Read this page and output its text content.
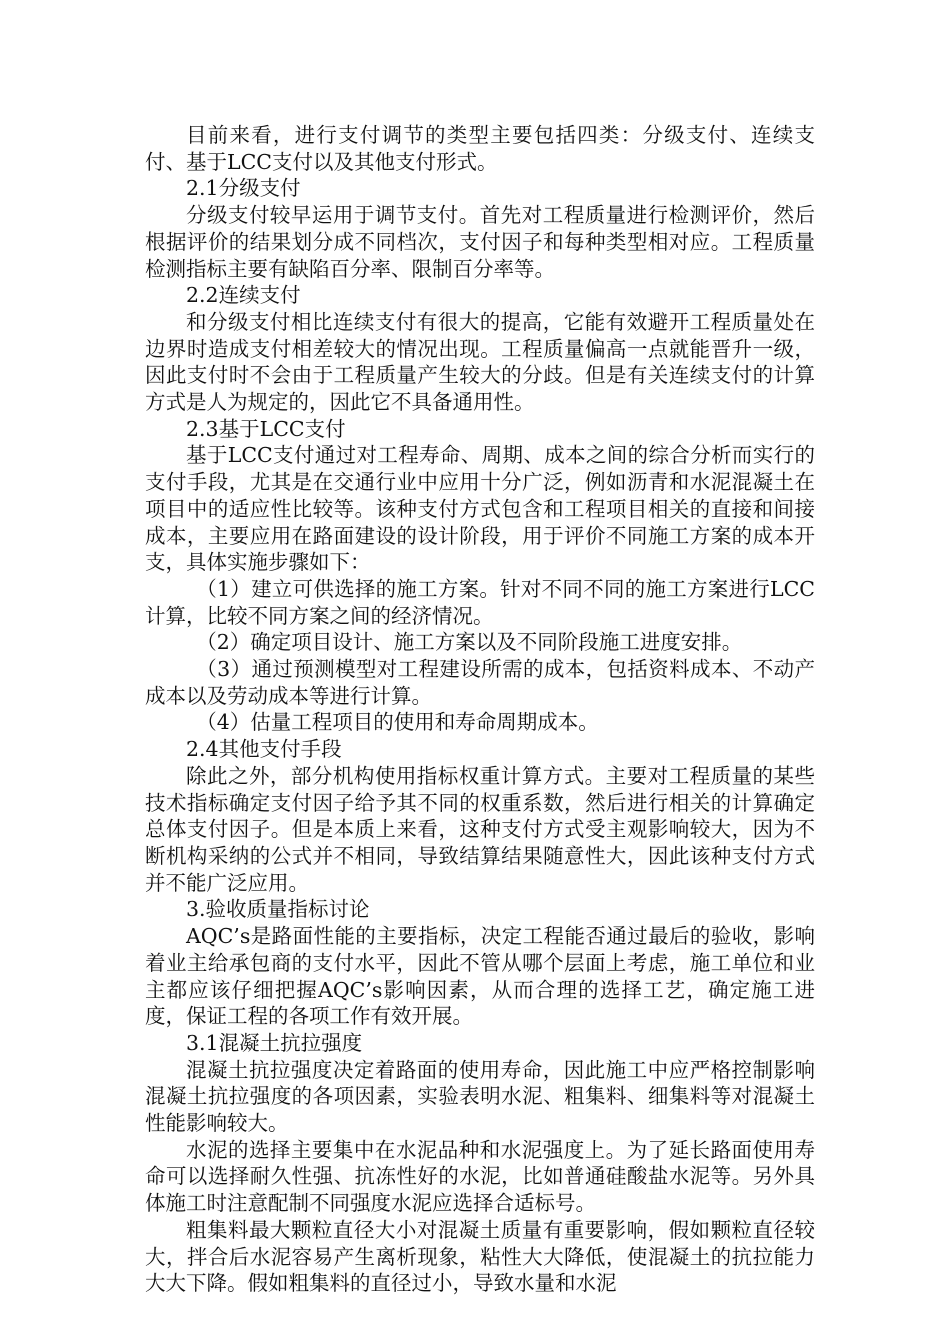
目前来看，进行支付调节的类型主要包括四类：分级支付、连续支付、基于LCC支付以及其他支付形式。

2.1分级支付

分级支付较早运用于调节支付。首先对工程质量进行检测评价，然后根据评价的结果划分成不同档次，支付因子和每种类型相对应。工程质量检测指标主要有缺陷百分率、限制百分率等。

2.2连续支付

和分级支付相比连续支付有很大的提高，它能有效避开工程质量处在边界时造成支付相差较大的情况出现。工程质量偏高一点就能晋升一级，因此支付时不会由于工程质量产生较大的分歧。但是有关连续支付的计算方式是人为规定的，因此它不具备通用性。

2.3基于LCC支付

基于LCC支付通过对工程寿命、周期、成本之间的综合分析而实行的支付手段，尤其是在交通行业中应用十分广泛，例如沥青和水泥混凝土在项目中的适应性比较等。该种支付方式包含和工程项目相关的直接和间接成本，主要应用在路面建设的设计阶段，用于评价不同施工方案的成本开支，具体实施步骤如下：

（1）建立可供选择的施工方案。针对不同不同的施工方案进行LCC计算，比较不同方案之间的经济情况。

（2）确定项目设计、施工方案以及不同阶段施工进度安排。

（3）通过预测模型对工程建设所需的成本，包括资料成本、不动产成本以及劳动成本等进行计算。

（4）估量工程项目的使用和寿命周期成本。

2.4其他支付手段

除此之外，部分机构使用指标权重计算方式。主要对工程质量的某些技术指标确定支付因子给予其不同的权重系数，然后进行相关的计算确定总体支付因子。但是本质上来看，这种支付方式受主观影响较大，因为不断机构采纳的公式并不相同，导致结算结果随意性大，因此该种支付方式并不能广泛应用。

3.验收质量指标讨论

AQC’s是路面性能的主要指标，决定工程能否通过最后的验收，影响着业主给承包商的支付水平，因此不管从哪个层面上考虑，施工单位和业主都应该仔细把握AQC’s影响因素，从而合理的选择工艺，确定施工进度，保证工程的各项工作有效开展。

3.1混凝土抗拉强度

混凝土抗拉强度决定着路面的使用寿命，因此施工中应严格控制影响混凝土抗拉强度的各项因素，实验表明水泥、粗集料、细集料等对混凝土性能影响较大。

水泥的选择主要集中在水泥品种和水泥强度上。为了延长路面使用寿命可以选择耐久性强、抗冻性好的水泥，比如普通硅酸盐水泥等。另外具体施工时注意配制不同强度水泥应选择合适标号。

粗集料最大颗粒直径大小对混凝土质量有重要影响，假如颗粒直径较大，拌合后水泥容易产生离析现象，粘性大大降低，使混凝土的抗拉能力大大下降。假如粗集料的直径过小，导致水量和水泥
